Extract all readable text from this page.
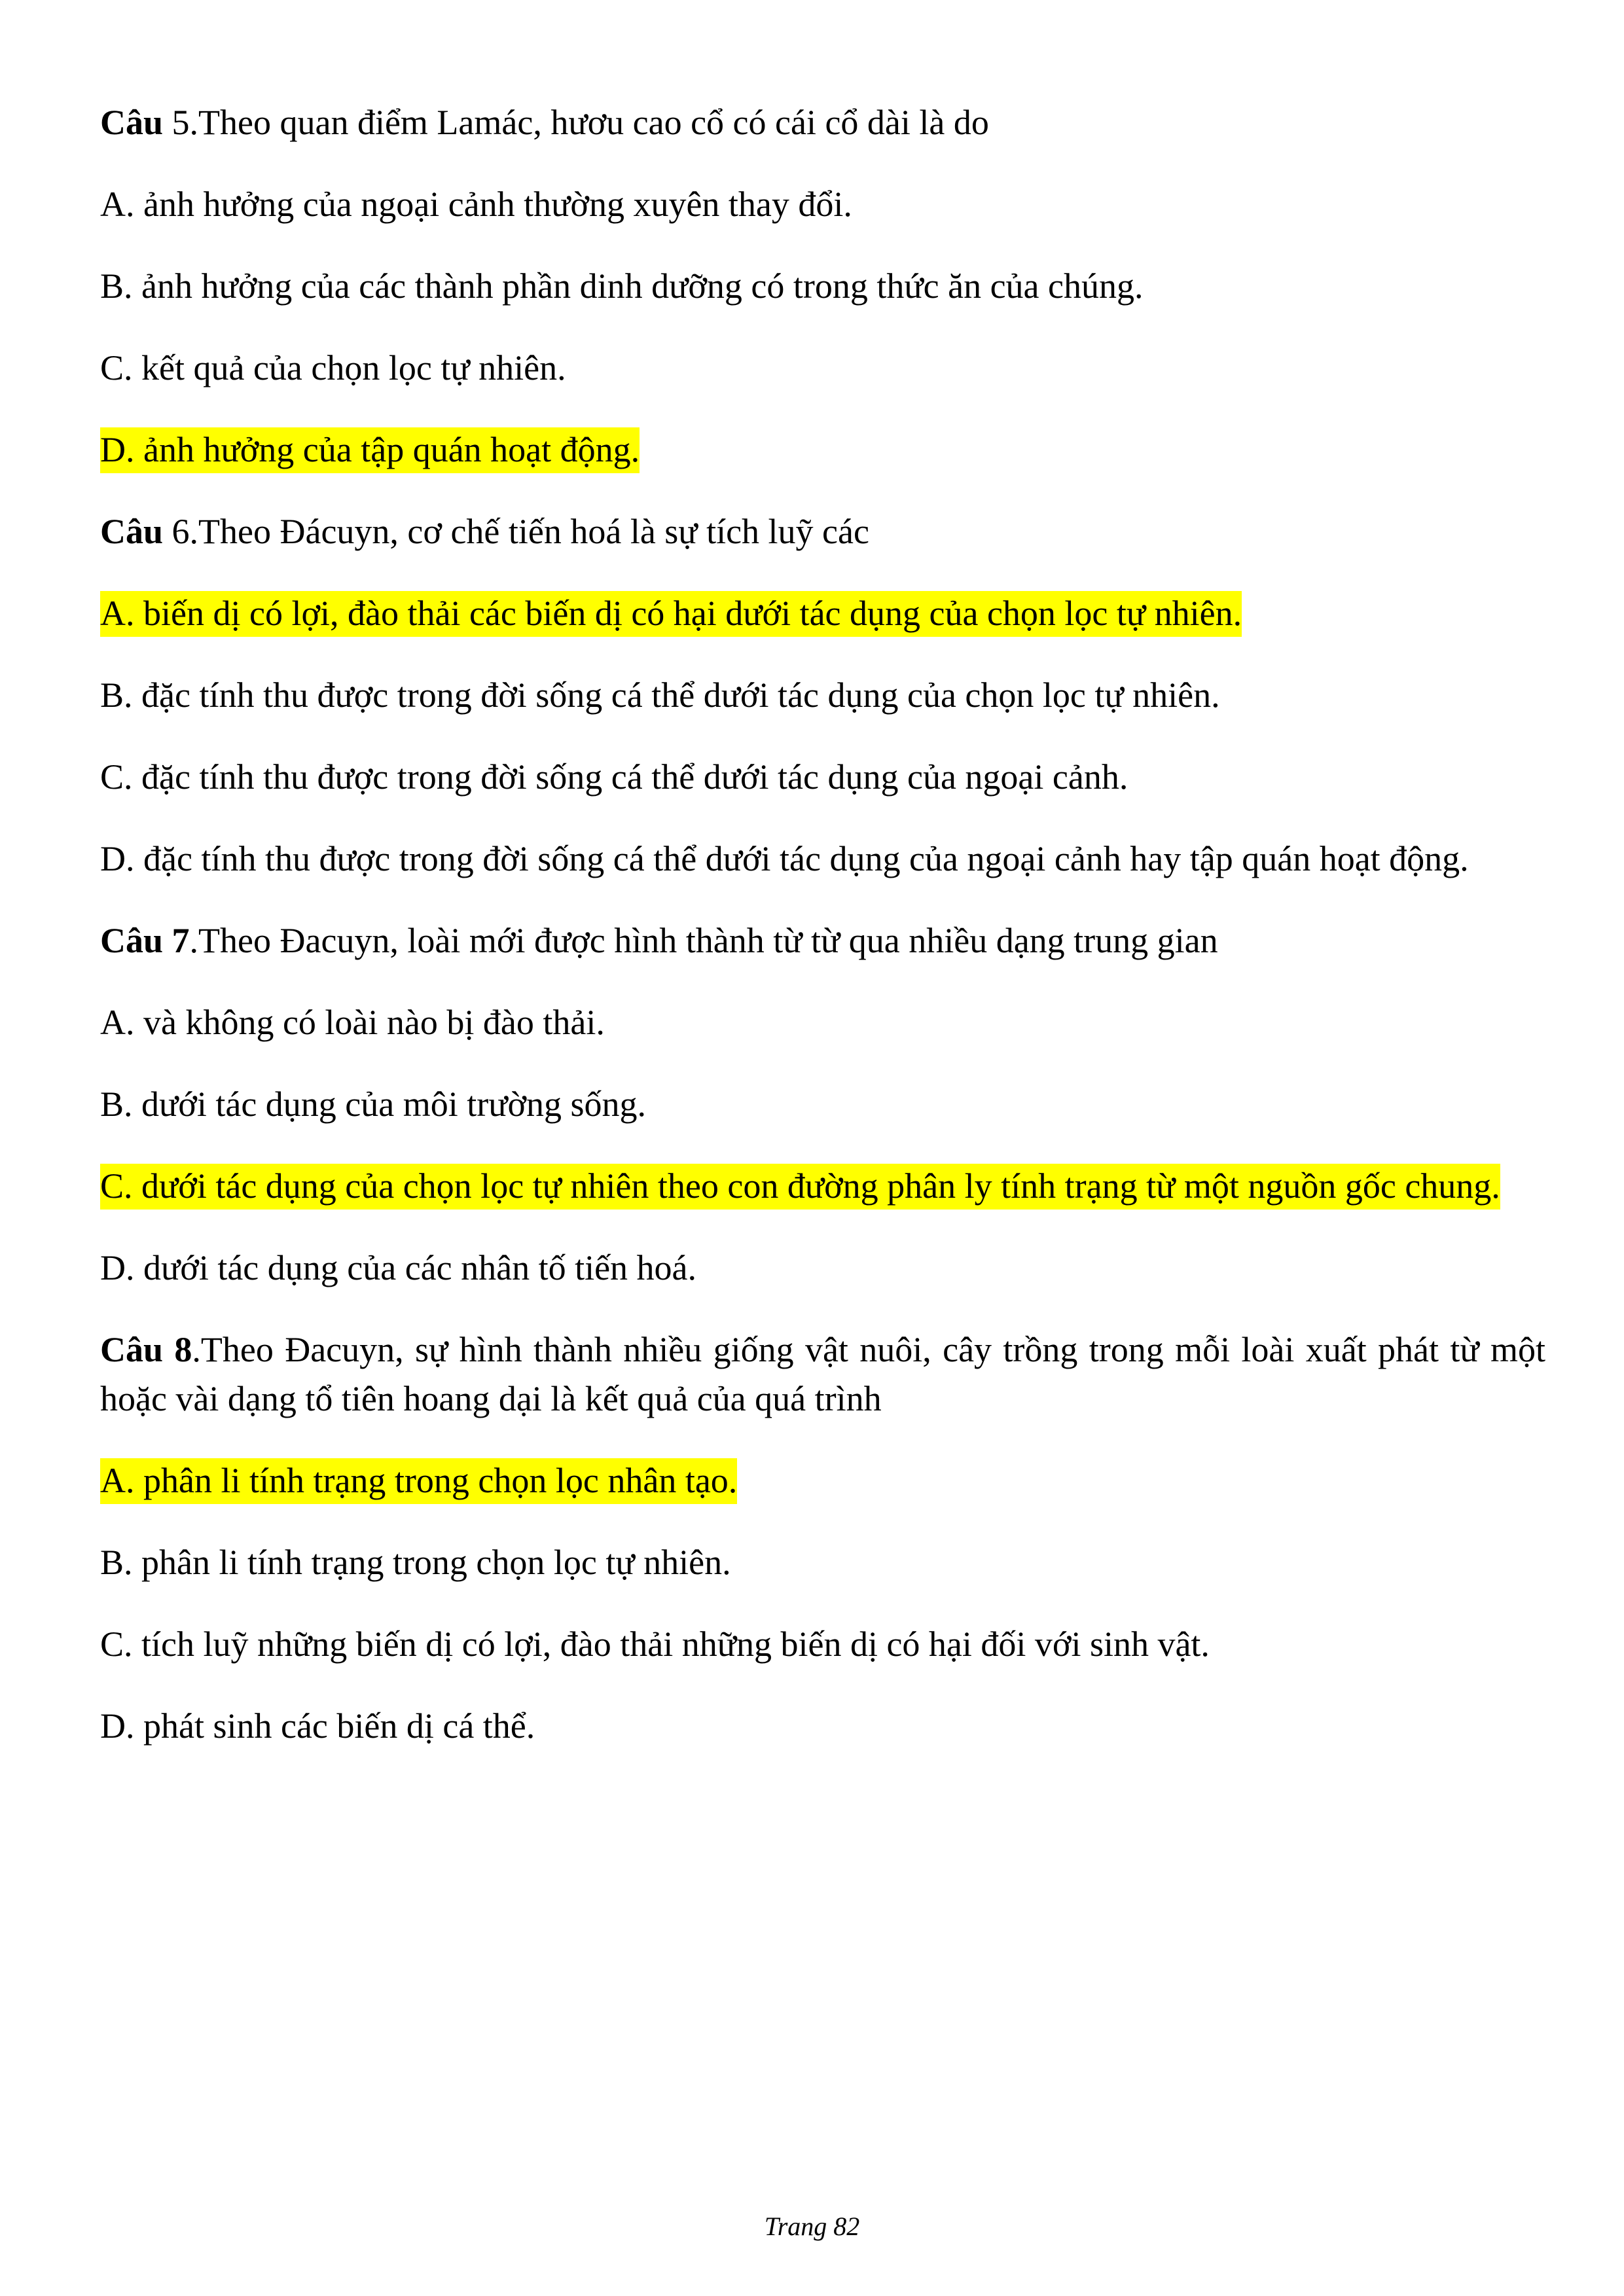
Câu 5.Theo quan điểm Lamác, hươu cao cổ có cái cổ dài là do

A. ảnh hưởng của ngoại cảnh thường xuyên thay đổi.

B. ảnh hưởng của các thành phần dinh dưỡng có trong thức ăn của chúng.

C. kết quả của chọn lọc tự nhiên.

D. ảnh hưởng của tập quán hoạt động.

Câu 6.Theo Đácuyn, cơ chế tiến hoá là sự tích luỹ các

A. biến dị có lợi, đào thải các biến dị có hại dưới tác dụng của chọn lọc tự nhiên.

B. đặc tính thu được trong đời sống cá thể dưới tác dụng của chọn lọc tự nhiên.

C. đặc tính thu được trong đời sống cá thể dưới tác dụng của ngoại cảnh.

D. đặc tính thu được trong đời sống cá thể dưới tác dụng của ngoại cảnh hay tập quán hoạt động.

Câu 7.Theo Đacuyn, loài mới được hình thành từ từ qua nhiều dạng trung gian

A. và không có loài nào bị đào thải.

B. dưới tác dụng của môi trường sống.

C. dưới tác dụng của chọn lọc tự nhiên theo con đường phân ly tính trạng từ một nguồn gốc chung.

D. dưới tác dụng của các nhân tố tiến hoá.

Câu 8.Theo Đacuyn, sự hình thành nhiều giống vật nuôi, cây trồng trong mỗi loài xuất phát từ một hoặc vài dạng tổ tiên hoang dại là kết quả của quá trình

A. phân li tính trạng trong chọn lọc nhân tạo.

B. phân li tính trạng trong chọn lọc tự nhiên.

C. tích luỹ những biến dị có lợi, đào thải những biến dị có hại đối với sinh vật.

D. phát sinh các biến dị cá thể.

Trang 82
